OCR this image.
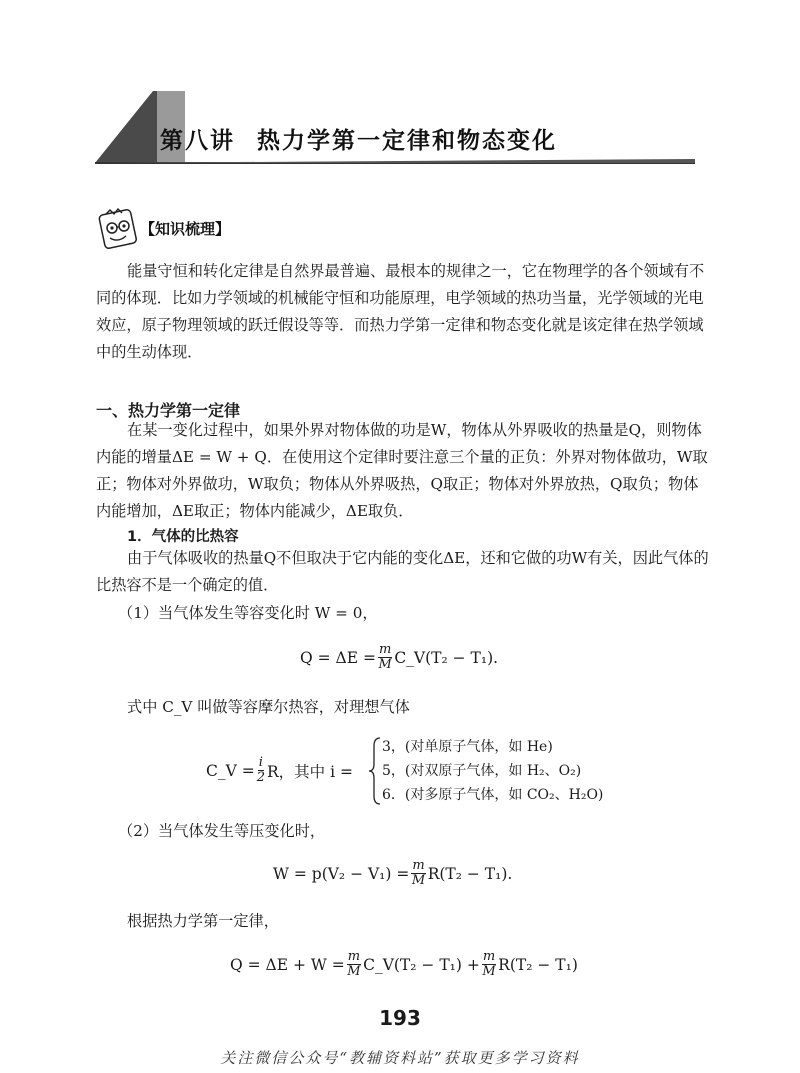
第八讲 热力学第一定律和物态变化
【知识梳理】
能量守恒和转化定律是自然界最普遍、最根本的规律之一，它在物理学的各个领域有不同的体现．比如力学领域的机械能守恒和功能原理，电学领域的热功当量，光学领域的光电效应，原子物理领域的跃迁假设等等．而热力学第一定律和物态变化就是该定律在热学领域中的生动体现．
一、热力学第一定律
在某一变化过程中，如果外界对物体做的功是W，物体从外界吸收的热量是Q，则物体内能的增量ΔE = W + Q．在使用这个定律时要注意三个量的正负：外界对物体做功，W取正；物体对外界做功，W取负；物体从外界吸热，Q取正；物体对外界放热，Q取负；物体内能增加，ΔE取正；物体内能减少，ΔE取负．
1．气体的比热容
由于气体吸收的热量Q不但取决于它内能的变化ΔE，还和它做的功W有关，因此气体的比热容不是一个确定的值．
（1）当气体发生等容变化时 W = 0，
$Q = \Delta E = \frac{m}{M}$ C_V(T₂ − T₁).
式中 C_V 叫做等容摩尔热容，对理想气体
C_V = $\frac{i}{2}$ R，其中 i =
3，(对单原子气体，如 He)
5，(对双原子气体，如 H₂、O₂)
6．(对多原子气体，如 CO₂、H₂O)
（2）当气体发生等压变化时，
$W = p(V_2 - V_1) = \frac{m}{M} R(T_2 - T_1)$.
根据热力学第一定律，
$Q = \Delta E + W = \frac{m}{M}$ C_V(T₂ − $T_1) + \frac{m}{M} R(T_2 - T_1)$
193
关注微信公众号“教辅资料站”获取更多学习资料
